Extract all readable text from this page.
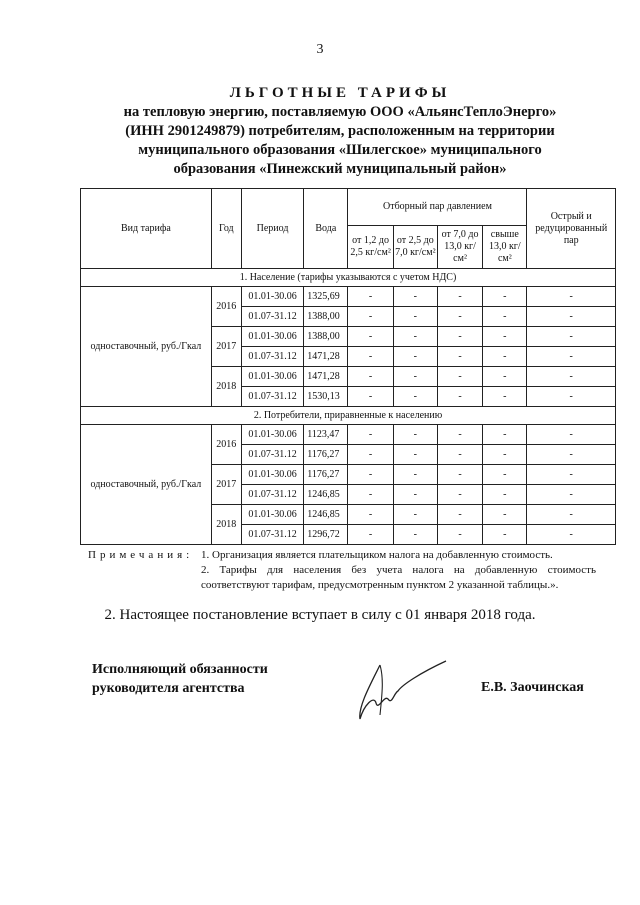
3
ЛЬГОТНЫЕ ТАРИФЫ
на тепловую энергию, поставляемую ООО «АльянсТеплоЭнерго»
(ИНН 2901249879) потребителям, расположенным на территории
муниципального образования «Шилегское» муниципального
образования «Пинежский муниципальный район»
Вид тарифа	Год	Период	Вода	Отборный пар давлением				Острый и редуцированный пар
				от 1,2 до 2,5 кг/см²	от 2,5 до 7,0 кг/см²	от 7,0 до 13,0 кг/см²	свыше 13,0 кг/см²	
1. Население (тарифы указываются с учетом НДС)								
одноставочный, руб./Гкал	2016	01.01-30.06	1325,69	-	-	-	-	-
		01.07-31.12	1388,00	-	-	-	-	-
	2017	01.01-30.06	1388,00	-	-	-	-	-
		01.07-31.12	1471,28	-	-	-	-	-
	2018	01.01-30.06	1471,28	-	-	-	-	-
		01.07-31.12	1530,13	-	-	-	-	-
2. Потребители, приравненные к населению								
одноставочный, руб./Гкал	2016	01.01-30.06	1123,47	-	-	-	-	-
		01.07-31.12	1176,27	-	-	-	-	-
	2017	01.01-30.06	1176,27	-	-	-	-	-
		01.07-31.12	1246,85	-	-	-	-	-
	2018	01.01-30.06	1246,85	-	-	-	-	-
		01.07-31.12	1296,72	-	-	-	-	-
Примечания: 1. Организация является плательщиком налога на добавленную стоимость.
2. Тарифы для населения без учета налога на добавленную стоимость соответствуют тарифам, предусмотренным пунктом 2 указанной таблицы.».
2. Настоящее постановление вступает в силу с 01 января 2018 года.
Исполняющий обязанности
руководителя агентства	Е.В. Заочинская
